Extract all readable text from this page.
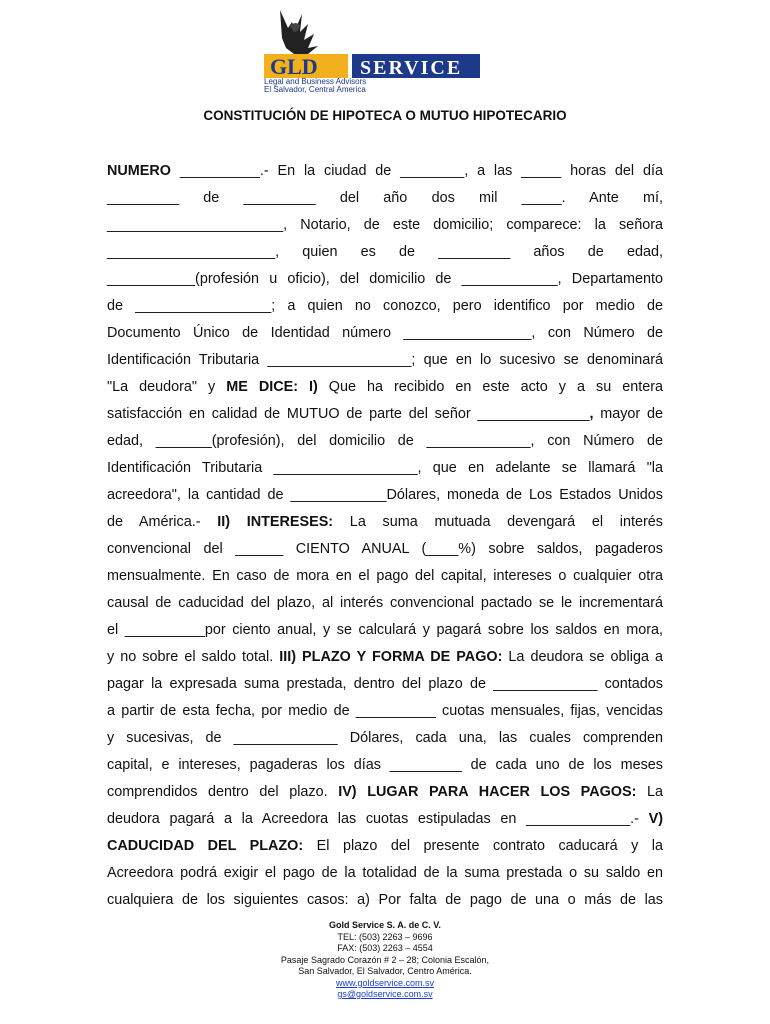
GLD SERVICE
Legal and Business Advisors
El Salvador, Central America
CONSTITUCIÓN DE HIPOTECA O MUTUO HIPOTECARIO

NUMERO __________.- En la ciudad de ________, a las _____ horas del día

_________ de _________ del año dos mil _____. Ante mí,

______________________, Notario, de este domicilio; comparece: la señora

_____________________, quien es de _________ años de edad,

___________(profesión u oficio), del domicilio de ____________, Departamento

de _________________; a quien no conozco, pero identifico por medio de

Documento Único de Identidad número ________________, con Número de

Identificación Tributaria __________________; que en lo sucesivo se denominará

"La deudora" y ME DICE: I) Que ha recibido en este acto y a su entera

satisfacción en calidad de MUTUO de parte del señor ______________, mayor de

edad, _______(profesión), del domicilio de _____________, con Número de

Identificación Tributaria __________________, que en adelante se llamará "la

acreedora", la cantidad de ____________Dólares, moneda de Los Estados Unidos

de América.- II) INTERESES: La suma mutuada devengará el interés

convencional del ______ CIENTO ANUAL (____%) sobre saldos, pagaderos

mensualmente. En caso de mora en el pago del capital, intereses o cualquier otra

causal de caducidad del plazo, al interés convencional pactado se le incrementará

el __________por ciento anual, y se calculará y pagará sobre los saldos en mora,

y no sobre el saldo total. III) PLAZO Y FORMA DE PAGO: La deudora se obliga a

pagar la expresada suma prestada, dentro del plazo de _____________ contados

a partir de esta fecha, por medio de __________ cuotas mensuales, fijas, vencidas

y sucesivas, de _____________ Dólares, cada una, las cuales comprenden

capital, e intereses, pagaderas los días _________ de cada uno de los meses

comprendidos dentro del plazo. IV) LUGAR PARA HACER LOS PAGOS: La

deudora pagará a la Acreedora las cuotas estipuladas en _____________.- V)

CADUCIDAD DEL PLAZO: El plazo del presente contrato caducará y la

Acreedora podrá exigir el pago de la totalidad de la suma prestada o su saldo en

cualquiera de los siguientes casos: a) Por falta de pago de una o más de las

Gold Service S. A. de C. V.
TEL: (503) 2263 – 9696
FAX: (503) 2263 – 4554
Pasaje Sagrado Corazón # 2 – 28; Colonia Escalón,
San Salvador, El Salvador, Centro América.
www.goldservice.com.sv
gs@goldservice.com.sv
